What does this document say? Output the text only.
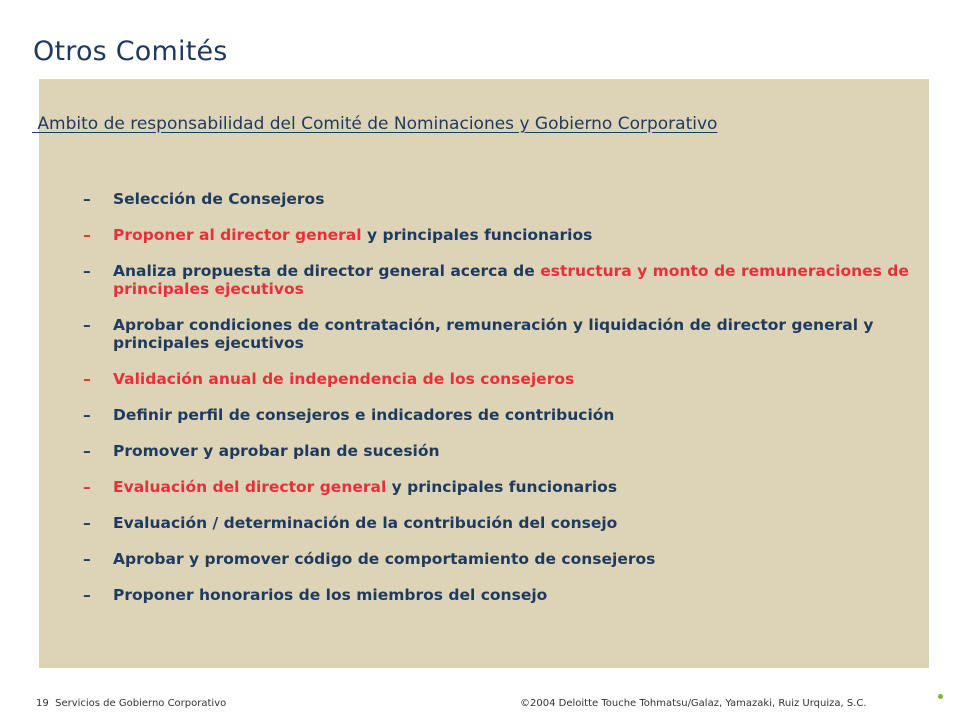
Otros Comités
Ambito de responsabilidad del Comité de Nominaciones y Gobierno Corporativo
– Selección de Consejeros
– Proponer al director general y principales funcionarios
– Analiza propuesta de director general acerca de estructura y monto de remuneraciones de principales ejecutivos
– Aprobar condiciones de contratación, remuneración y liquidación de director general y principales ejecutivos
– Validación anual de independencia de los consejeros
– Definir perfil de consejeros e indicadores de contribución
– Promover y aprobar plan de sucesión
– Evaluación del director general y principales funcionarios
– Evaluación / determinación de la contribución del consejo
– Aprobar y promover código de comportamiento de consejeros
– Proponer honorarios de los miembros del consejo
19 Servicios de Gobierno Corporativo	©2004 Deloitte Touche Tohmatsu/Galaz, Yamazaki, Ruiz Urquiza, S.C.
